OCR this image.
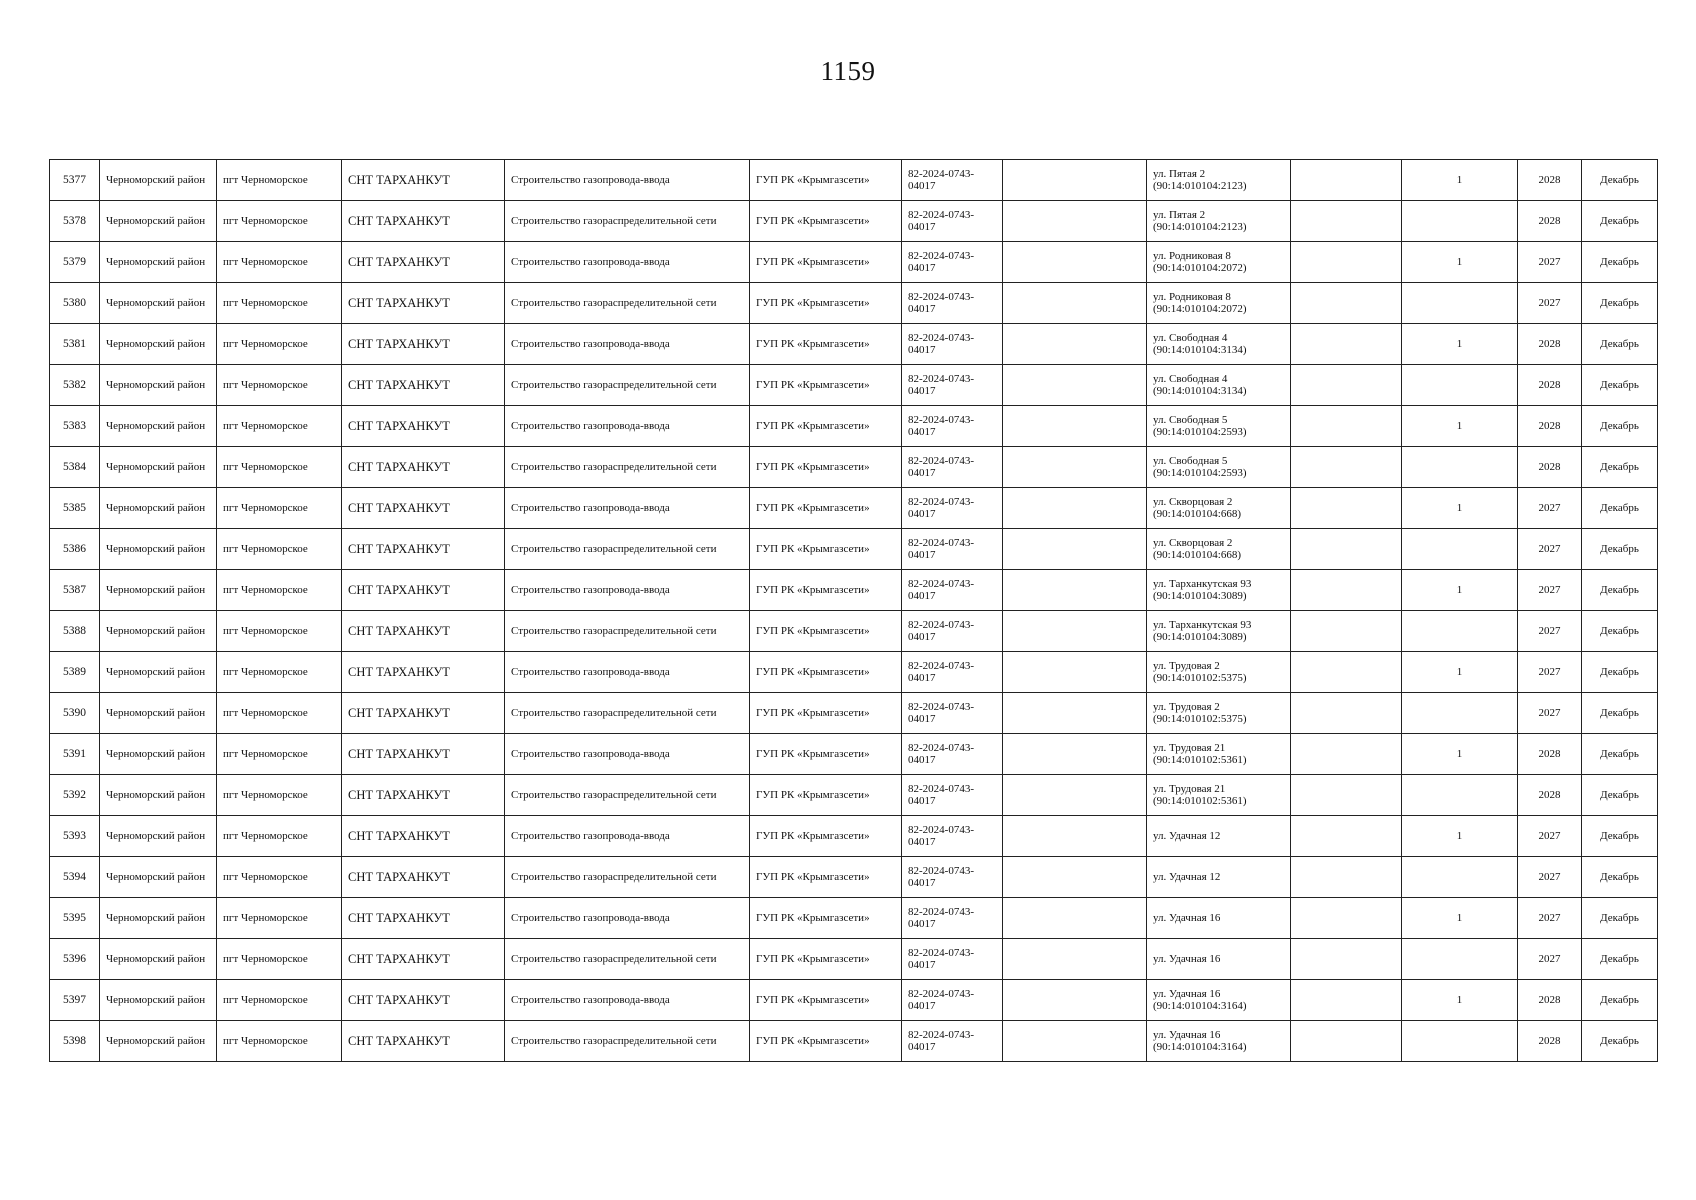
1159
5377	Черноморский район	пгт Черноморское	СНТ ТАРХАНКУТ	Строительство газопровода-ввода	ГУП РК «Крымгазсети»	82-2024-0743-04017		ул. Пятая 2 (90:14:010104:2123)		1	2028	Декабрь
5378	Черноморский район	пгт Черноморское	СНТ ТАРХАНКУТ	Строительство газораспределительной сети	ГУП РК «Крымгазсети»	82-2024-0743-04017		ул. Пятая 2 (90:14:010104:2123)			2028	Декабрь
5379	Черноморский район	пгт Черноморское	СНТ ТАРХАНКУТ	Строительство газопровода-ввода	ГУП РК «Крымгазсети»	82-2024-0743-04017		ул. Родниковая 8 (90:14:010104:2072)		1	2027	Декабрь
5380	Черноморский район	пгт Черноморское	СНТ ТАРХАНКУТ	Строительство газораспределительной сети	ГУП РК «Крымгазсети»	82-2024-0743-04017		ул. Родниковая 8 (90:14:010104:2072)			2027	Декабрь
5381	Черноморский район	пгт Черноморское	СНТ ТАРХАНКУТ	Строительство газопровода-ввода	ГУП РК «Крымгазсети»	82-2024-0743-04017		ул. Свободная 4 (90:14:010104:3134)		1	2028	Декабрь
5382	Черноморский район	пгт Черноморское	СНТ ТАРХАНКУТ	Строительство газораспределительной сети	ГУП РК «Крымгазсети»	82-2024-0743-04017		ул. Свободная 4 (90:14:010104:3134)			2028	Декабрь
5383	Черноморский район	пгт Черноморское	СНТ ТАРХАНКУТ	Строительство газопровода-ввода	ГУП РК «Крымгазсети»	82-2024-0743-04017		ул. Свободная 5 (90:14:010104:2593)		1	2028	Декабрь
5384	Черноморский район	пгт Черноморское	СНТ ТАРХАНКУТ	Строительство газораспределительной сети	ГУП РК «Крымгазсети»	82-2024-0743-04017		ул. Свободная 5 (90:14:010104:2593)			2028	Декабрь
5385	Черноморский район	пгт Черноморское	СНТ ТАРХАНКУТ	Строительство газопровода-ввода	ГУП РК «Крымгазсети»	82-2024-0743-04017		ул. Скворцовая 2 (90:14:010104:668)		1	2027	Декабрь
5386	Черноморский район	пгт Черноморское	СНТ ТАРХАНКУТ	Строительство газораспределительной сети	ГУП РК «Крымгазсети»	82-2024-0743-04017		ул. Скворцовая 2 (90:14:010104:668)			2027	Декабрь
5387	Черноморский район	пгт Черноморское	СНТ ТАРХАНКУТ	Строительство газопровода-ввода	ГУП РК «Крымгазсети»	82-2024-0743-04017		ул. Тарханкутская 93 (90:14:010104:3089)		1	2027	Декабрь
5388	Черноморский район	пгт Черноморское	СНТ ТАРХАНКУТ	Строительство газораспределительной сети	ГУП РК «Крымгазсети»	82-2024-0743-04017		ул. Тарханкутская 93 (90:14:010104:3089)			2027	Декабрь
5389	Черноморский район	пгт Черноморское	СНТ ТАРХАНКУТ	Строительство газопровода-ввода	ГУП РК «Крымгазсети»	82-2024-0743-04017		ул. Трудовая 2 (90:14:010102:5375)		1	2027	Декабрь
5390	Черноморский район	пгт Черноморское	СНТ ТАРХАНКУТ	Строительство газораспределительной сети	ГУП РК «Крымгазсети»	82-2024-0743-04017		ул. Трудовая 2 (90:14:010102:5375)			2027	Декабрь
5391	Черноморский район	пгт Черноморское	СНТ ТАРХАНКУТ	Строительство газопровода-ввода	ГУП РК «Крымгазсети»	82-2024-0743-04017		ул. Трудовая 21 (90:14:010102:5361)		1	2028	Декабрь
5392	Черноморский район	пгт Черноморское	СНТ ТАРХАНКУТ	Строительство газораспределительной сети	ГУП РК «Крымгазсети»	82-2024-0743-04017		ул. Трудовая 21 (90:14:010102:5361)			2028	Декабрь
5393	Черноморский район	пгт Черноморское	СНТ ТАРХАНКУТ	Строительство газопровода-ввода	ГУП РК «Крымгазсети»	82-2024-0743-04017		ул. Удачная 12		1	2027	Декабрь
5394	Черноморский район	пгт Черноморское	СНТ ТАРХАНКУТ	Строительство газораспределительной сети	ГУП РК «Крымгазсети»	82-2024-0743-04017		ул. Удачная 12			2027	Декабрь
5395	Черноморский район	пгт Черноморское	СНТ ТАРХАНКУТ	Строительство газопровода-ввода	ГУП РК «Крымгазсети»	82-2024-0743-04017		ул. Удачная 16		1	2027	Декабрь
5396	Черноморский район	пгт Черноморское	СНТ ТАРХАНКУТ	Строительство газораспределительной сети	ГУП РК «Крымгазсети»	82-2024-0743-04017		ул. Удачная 16			2027	Декабрь
5397	Черноморский район	пгт Черноморское	СНТ ТАРХАНКУТ	Строительство газопровода-ввода	ГУП РК «Крымгазсети»	82-2024-0743-04017		ул. Удачная 16 (90:14:010104:3164)		1	2028	Декабрь
5398	Черноморский район	пгт Черноморское	СНТ ТАРХАНКУТ	Строительство газораспределительной сети	ГУП РК «Крымгазсети»	82-2024-0743-04017		ул. Удачная 16 (90:14:010104:3164)			2028	Декабрь
